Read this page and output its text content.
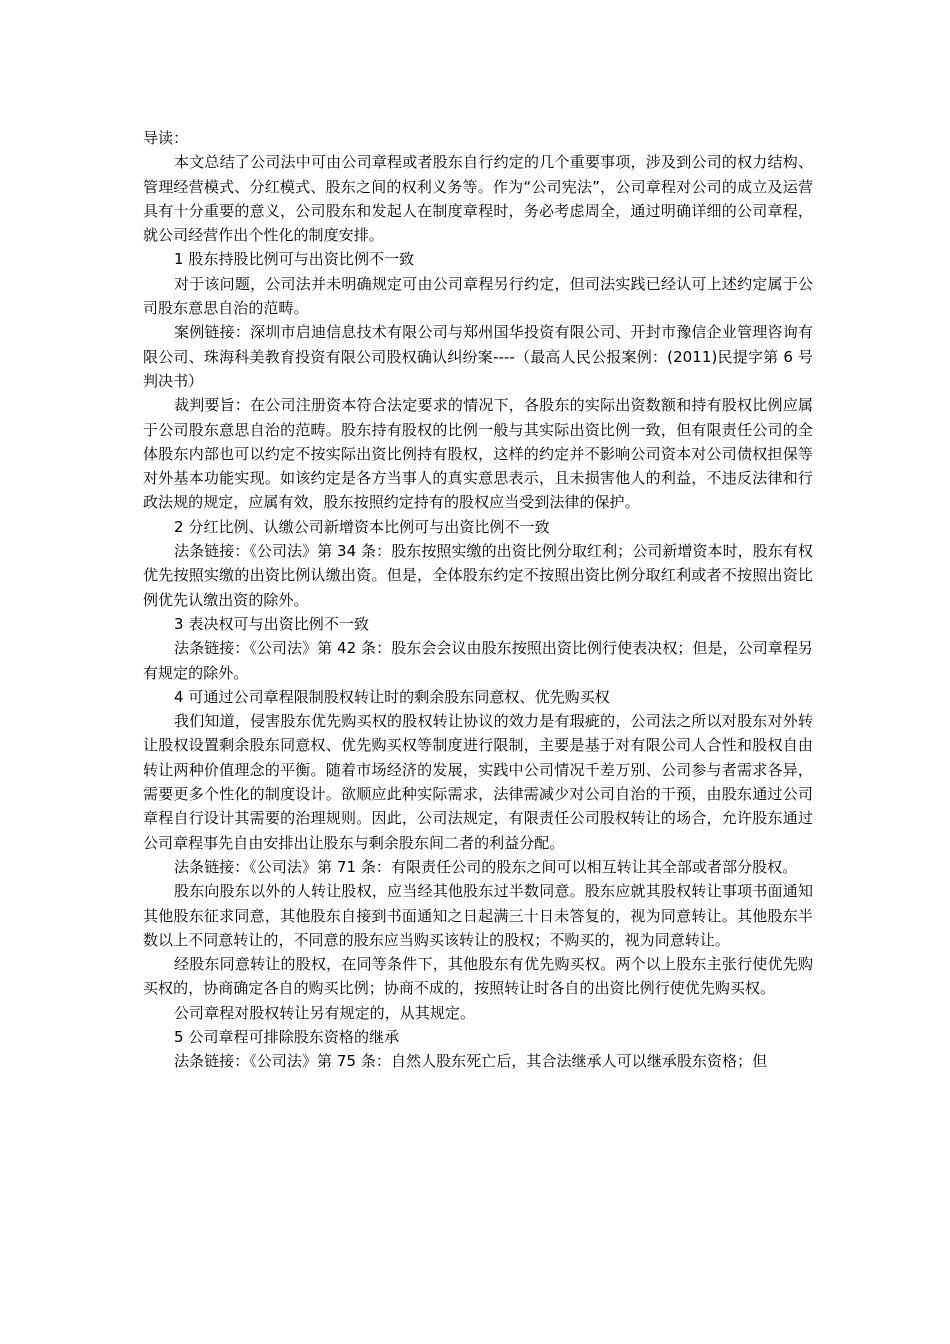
导读：

本文总结了公司法中可由公司章程或者股东自行约定的几个重要事项，涉及到公司的权力结构、管理经营模式、分红模式、股东之间的权利义务等。作为“公司宪法”，公司章程对公司的成立及运营具有十分重要的意义，公司股东和发起人在制度章程时，务必考虑周全，通过明确详细的公司章程，就公司经营作出个性化的制度安排。

1 股东持股比例可与出资比例不一致

对于该问题，公司法并未明确规定可由公司章程另行约定，但司法实践已经认可上述约定属于公司股东意思自治的范畴。

案例链接：深圳市启迪信息技术有限公司与郑州国华投资有限公司、开封市豫信企业管理咨询有限公司、珠海科美教育投资有限公司股权确认纠纷案----（最高人民公报案例：(2011)民提字第 6 号判决书）

裁判要旨：在公司注册资本符合法定要求的情况下，各股东的实际出资数额和持有股权比例应属于公司股东意思自治的范畴。股东持有股权的比例一般与其实际出资比例一致，但有限责任公司的全体股东内部也可以约定不按实际出资比例持有股权，这样的约定并不影响公司资本对公司债权担保等对外基本功能实现。如该约定是各方当事人的真实意思表示，且未损害他人的利益，不违反法律和行政法规的规定，应属有效，股东按照约定持有的股权应当受到法律的保护。

2 分红比例、认缴公司新增资本比例可与出资比例不一致

法条链接：《公司法》第 34 条：股东按照实缴的出资比例分取红利；公司新增资本时，股东有权优先按照实缴的出资比例认缴出资。但是，全体股东约定不按照出资比例分取红利或者不按照出资比例优先认缴出资的除外。

3 表决权可与出资比例不一致

法条链接：《公司法》第 42 条：股东会会议由股东按照出资比例行使表决权；但是，公司章程另有规定的除外。

4 可通过公司章程限制股权转让时的剩余股东同意权、优先购买权

我们知道，侵害股东优先购买权的股权转让协议的效力是有瑕疵的，公司法之所以对股东对外转让股权设置剩余股东同意权、优先购买权等制度进行限制，主要是基于对有限公司人合性和股权自由转让两种价值理念的平衡。随着市场经济的发展，实践中公司情况千差万别、公司参与者需求各异，需要更多个性化的制度设计。欲顺应此种实际需求，法律需减少对公司自治的干预，由股东通过公司章程自行设计其需要的治理规则。因此，公司法规定，有限责任公司股权转让的场合，允许股东通过公司章程事先自由安排出让股东与剩余股东间二者的利益分配。

法条链接：《公司法》第 71 条：有限责任公司的股东之间可以相互转让其全部或者部分股权。

股东向股东以外的人转让股权，应当经其他股东过半数同意。股东应就其股权转让事项书面通知其他股东征求同意，其他股东自接到书面通知之日起满三十日未答复的，视为同意转让。其他股东半数以上不同意转让的，不同意的股东应当购买该转让的股权；不购买的，视为同意转让。

经股东同意转让的股权，在同等条件下，其他股东有优先购买权。两个以上股东主张行使优先购买权的，协商确定各自的购买比例；协商不成的，按照转让时各自的出资比例行使优先购买权。

公司章程对股权转让另有规定的，从其规定。

5 公司章程可排除股东资格的继承

法条链接：《公司法》第 75 条：自然人股东死亡后，其合法继承人可以继承股东资格；但
